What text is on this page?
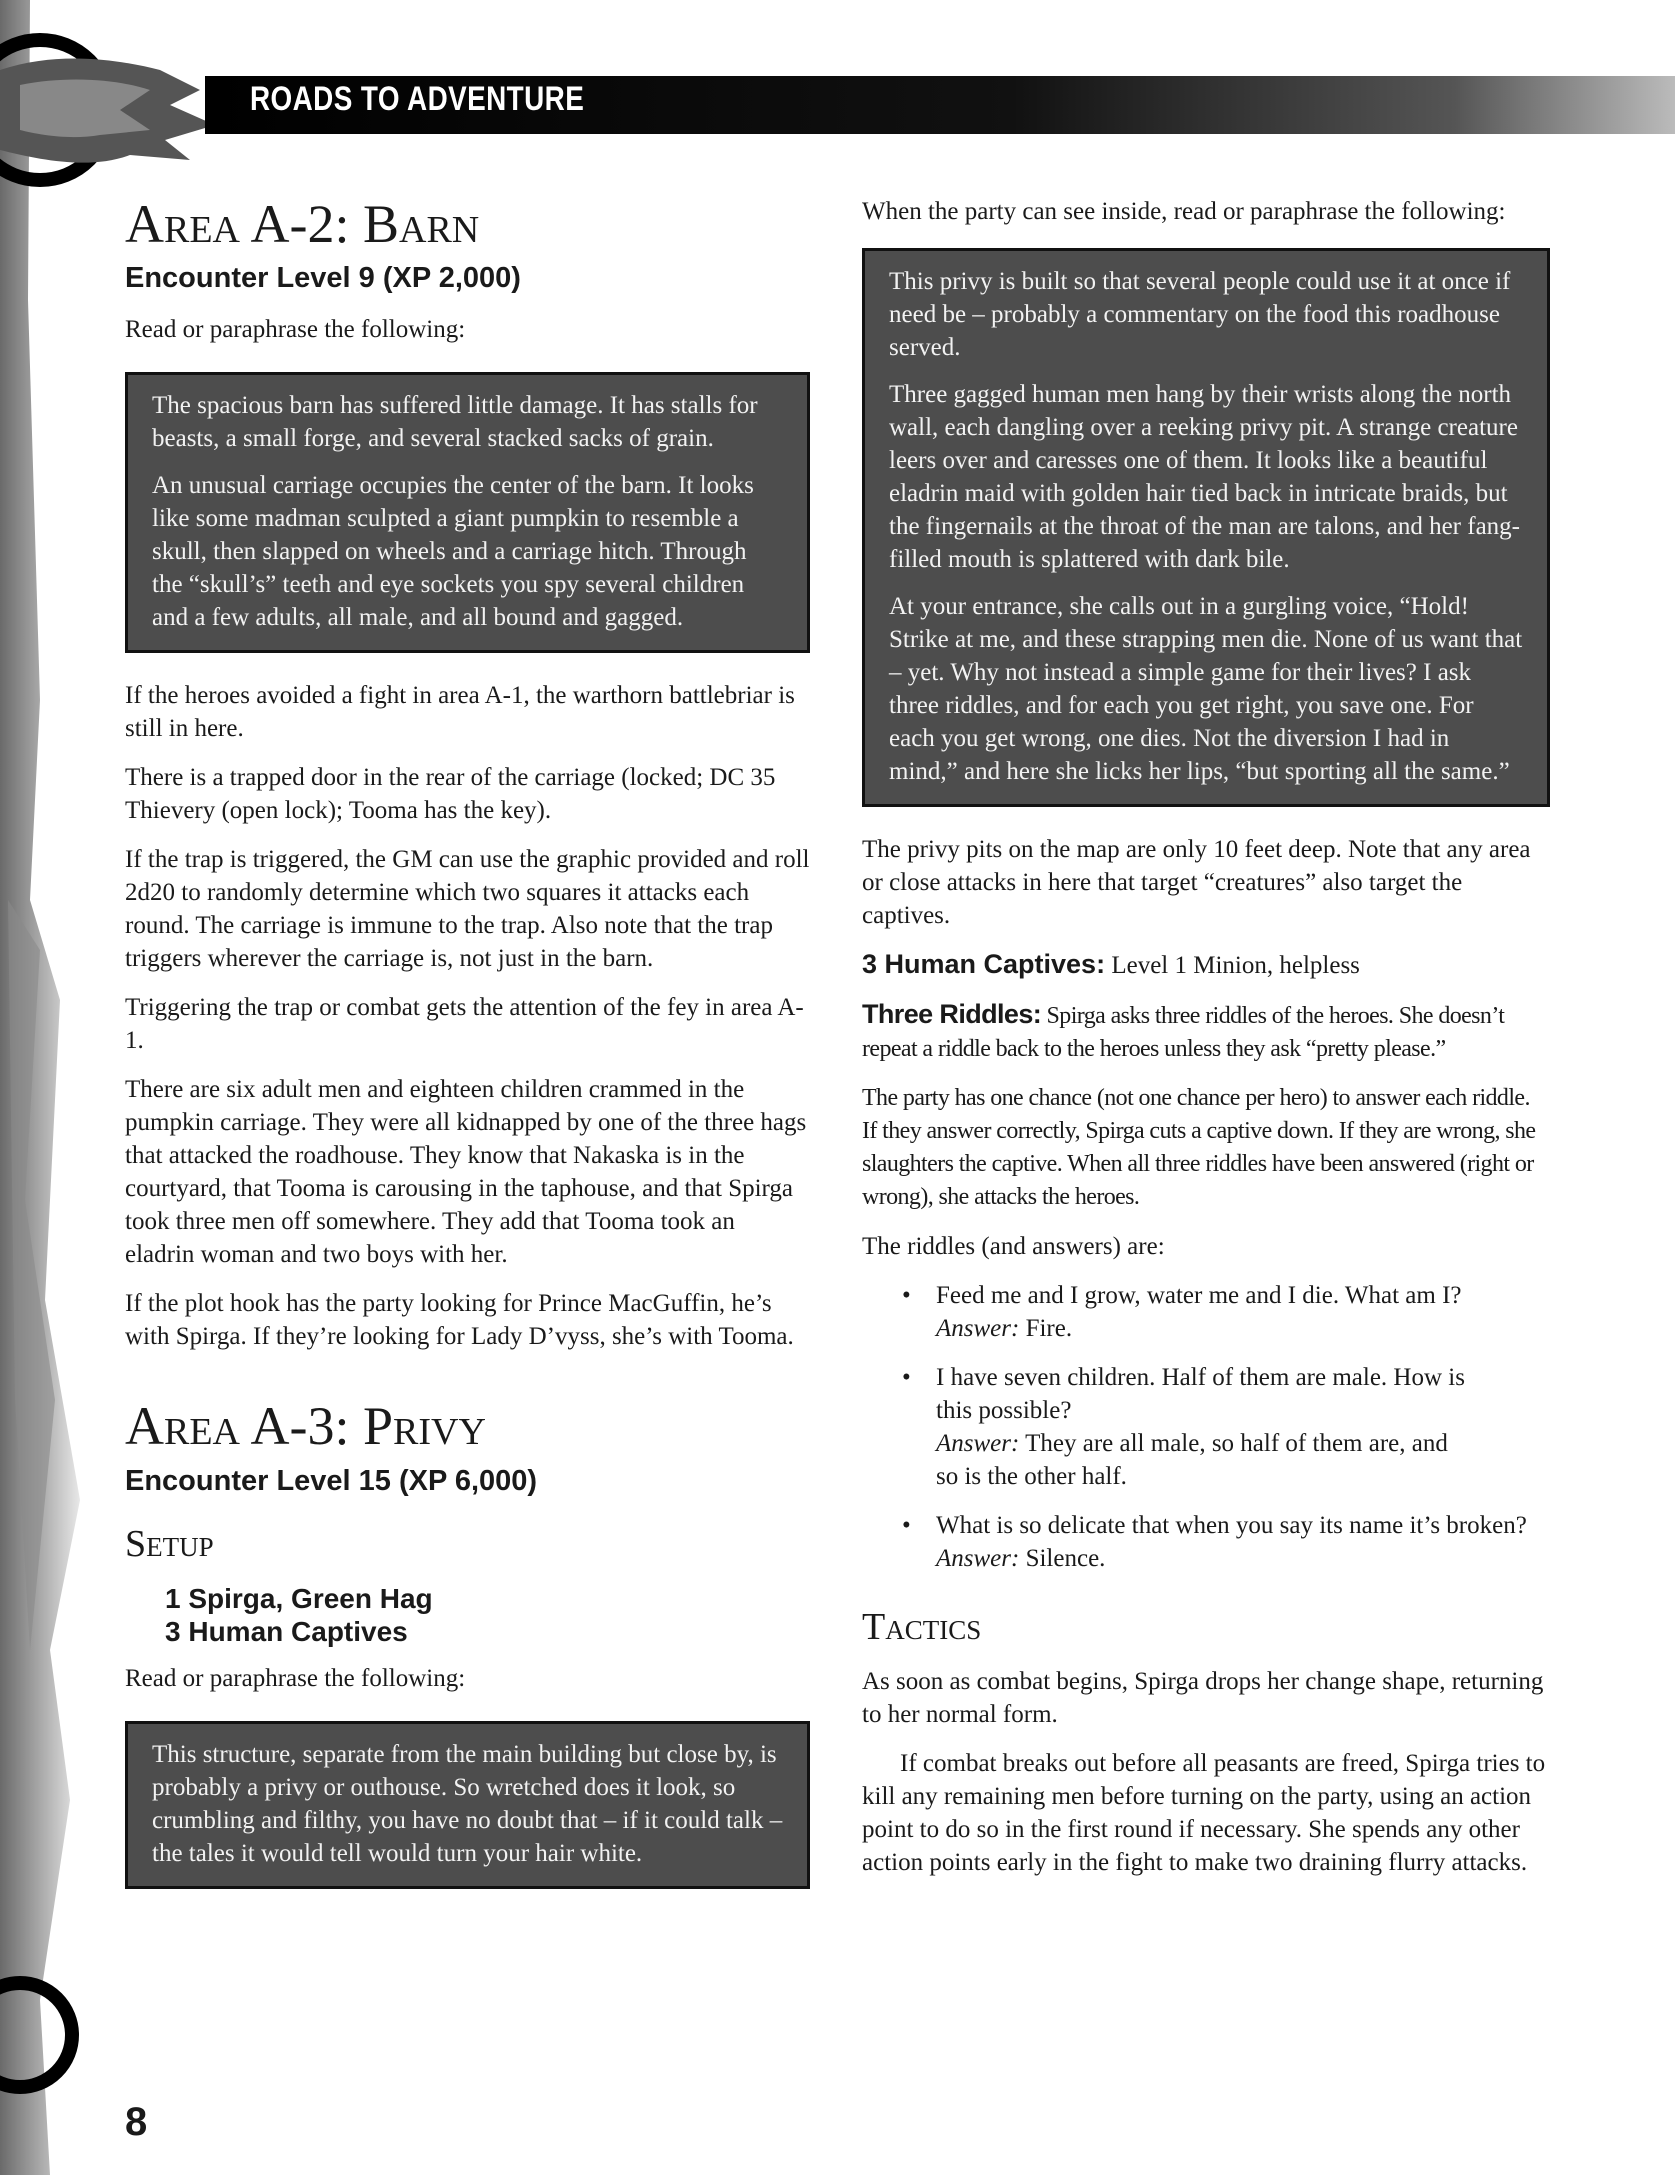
ROADS TO ADVENTURE
Area A-2: Barn
Encounter Level 9 (XP 2,000)

Read or paraphrase the following:

The spacious barn has suffered little damage. It has stalls for beasts, a small forge, and several stacked sacks of grain.

An unusual carriage occupies the center of the barn. It looks like some madman sculpted a giant pumpkin to resemble a skull, then slapped on wheels and a carriage hitch. Through the “skull’s” teeth and eye sockets you spy several children and a few adults, all male, and all bound and gagged.

If the heroes avoided a fight in area A-1, the warthorn battlebriar is still in here.

There is a trapped door in the rear of the carriage (locked; DC 35 Thievery (open lock); Tooma has the key).

If the trap is triggered, the GM can use the graphic provided and roll 2d20 to randomly determine which two squares it attacks each round. The carriage is immune to the trap. Also note that the trap triggers wherever the carriage is, not just in the barn.

Triggering the trap or combat gets the attention of the fey in area A-1.

There are six adult men and eighteen children crammed in the pumpkin carriage. They were all kidnapped by one of the three hags that attacked the roadhouse. They know that Nakaska is in the courtyard, that Tooma is carousing in the taphouse, and that Spirga took three men off somewhere. They add that Tooma took an eladrin woman and two boys with her.

If the plot hook has the party looking for Prince MacGuffin, he’s with Spirga. If they’re looking for Lady D’vyss, she’s with Tooma.

Area A-3: Privy
Encounter Level 15 (XP 6,000)
Setup
1 Spirga, Green Hag
3 Human Captives

Read or paraphrase the following:

This structure, separate from the main building but close by, is probably a privy or outhouse. So wretched does it look, so crumbling and filthy, you have no doubt that – if it could talk – the tales it would tell would turn your hair white.

When the party can see inside, read or paraphrase the following:

This privy is built so that several people could use it at once if need be – probably a commentary on the food this roadhouse served.

Three gagged human men hang by their wrists along the north wall, each dangling over a reeking privy pit. A strange creature leers over and caresses one of them. It looks like a beautiful eladrin maid with golden hair tied back in intricate braids, but the fingernails at the throat of the man are talons, and her fang-filled mouth is splattered with dark bile.

At your entrance, she calls out in a gurgling voice, “Hold! Strike at me, and these strapping men die. None of us want that – yet. Why not instead a simple game for their lives? I ask three riddles, and for each you get right, you save one. For each you get wrong, one dies. Not the diversion I had in mind,” and here she licks her lips, “but sporting all the same.”

The privy pits on the map are only 10 feet deep. Note that any area or close attacks in here that target “creatures” also target the captives.

3 Human Captives: Level 1 Minion, helpless

Three Riddles: Spirga asks three riddles of the heroes. She doesn’t repeat a riddle back to the heroes unless they ask “pretty please.”

The party has one chance (not one chance per hero) to answer each riddle. If they answer correctly, Spirga cuts a captive down. If they are wrong, she slaughters the captive. When all three riddles have been answered (right or wrong), she attacks the heroes.

The riddles (and answers) are:

• Feed me and I grow, water me and I die. What am I?
Answer: Fire.
• I have seven children. Half of them are male. How is this possible?
Answer: They are all male, so half of them are, and so is the other half.
• What is so delicate that when you say its name it’s broken?
Answer: Silence.
Tactics

As soon as combat begins, Spirga drops her change shape, returning to her normal form.

If combat breaks out before all peasants are freed, Spirga tries to kill any remaining men before turning on the party, using an action point to do so in the first round if necessary. She spends any other action points early in the fight to make two draining flurry attacks.

8
